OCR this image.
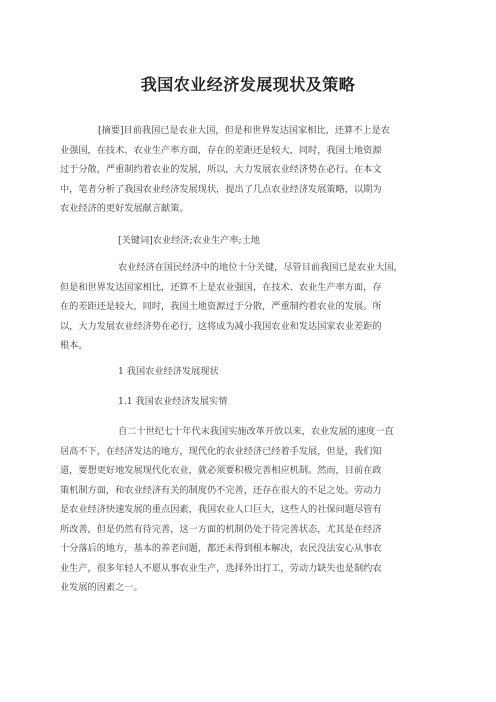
我国农业经济发展现状及策略
[摘要]目前我国已是农业大国，但是和世界发达国家相比，还算不上是农
业强国，在技术、农业生产率方面，存在的差距还是较大，同时，我国土地资源
过于分散，严重制约着农业的发展，所以，大力发展农业经济势在必行。在本文
中，笔者分析了我国农业经济发展现状，提出了几点农业经济发展策略，以期为
农业经济的更好发展献言献策。
[关键词]农业经济;农业生产率;土地
农业经济在国民经济中的地位十分关键，尽管目前我国已是农业大国，
但是和世界发达国家相比，还算不上是农业强国，在技术、农业生产率方面，存
在的差距还是较大，同时，我国土地资源过于分散，严重制约着农业的发展。所
以，大力发展农业经济势在必行，这将成为减小我国农业和发达国家农业差距的
根本。
1 我国农业经济发展现状
1.1 我国农业经济发展实情
自二十世纪七十年代末我国实施改革开放以来，农业发展的速度一直
居高不下，在经济发达的地方，现代化的农业经济已经着手发展，但是，我们知
道，要想更好地发展现代化农业，就必须要积极完善相应机制。然而，目前在政
策机制方面，和农业经济有关的制度仍不完善，还存在很大的不足之处。劳动力
是农业经济快速发展的重点因素，我国农业人口巨大，这些人的社保问题尽管有
所改善，但是仍然有待完善，这一方面的机制仍处于待完善状态，尤其是在经济
十分落后的地方，基本的养老问题，都还未得到根本解决，农民没法安心从事农
业生产，很多年轻人不愿从事农业生产，选择外出打工，劳动力缺失也是制约农
业发展的因素之一。
